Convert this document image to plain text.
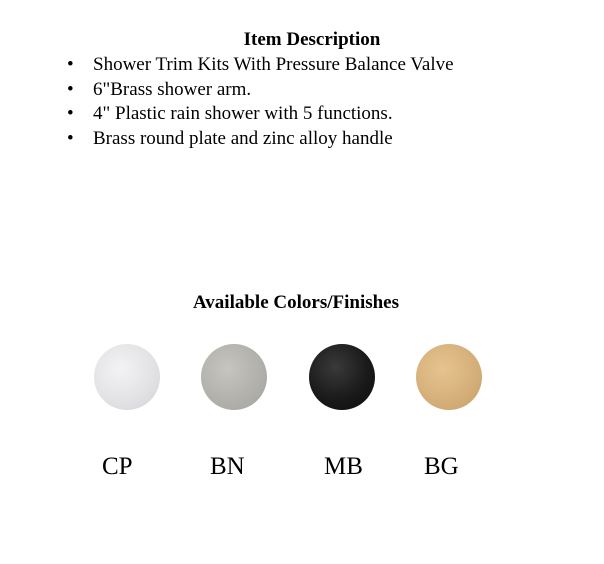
Item Description
• Shower Trim Kits With Pressure Balance Valve
• 6"Brass shower arm.
• 4" Plastic rain shower with 5 functions.
• Brass round plate and zinc alloy handle
Available Colors/Finishes
CP	BN	MB BG
